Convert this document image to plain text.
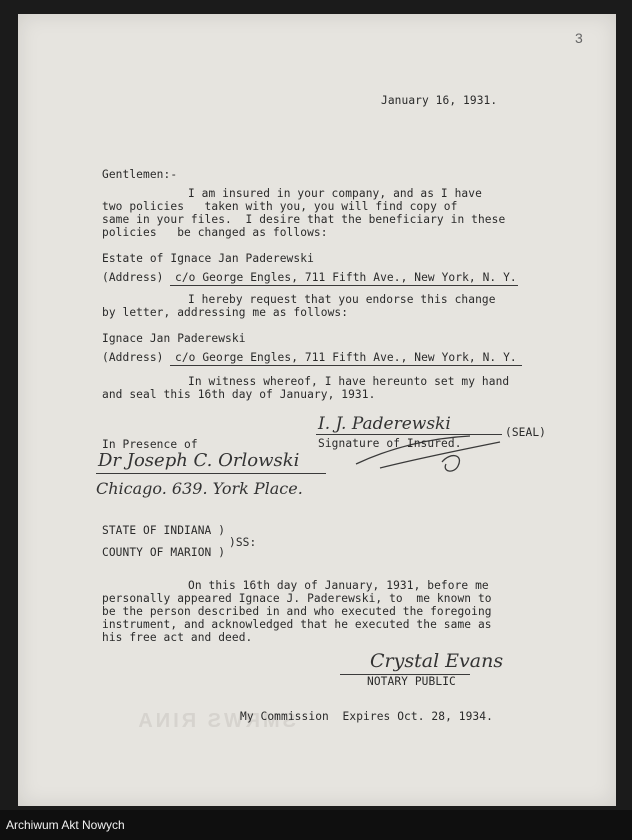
3
January 16, 1931.
Gentlemen:-
I am insured in your company, and as I have
two policies   taken with you, you will find copy of
same in your files.  I desire that the beneficiary in these
policies   be changed as follows:
Estate of Ignace Jan Paderewski
(Address) c/o George Engles, 711 Fifth Ave., New York, N. Y.
I hereby request that you endorse this change
by letter, addressing me as follows:
Ignace Jan Paderewski
(Address) c/o George Engles, 711 Fifth Ave., New York, N. Y.
In witness whereof, I have hereunto set my hand
and seal this 16th day of January, 1931.
I. J. Paderewski	(SEAL)
Signature of Insured.
In Presence of
Dr Joseph C. Orlowski
Chicago. 639. York Place.
STATE OF INDIANA )
)SS:
COUNTY OF MARION )
On this 16th day of January, 1931, before me
personally appeared Ignace J. Paderewski, to  me known to
be the person described in and who executed the foregoing
instrument, and acknowledged that he executed the same as
his free act and deed.
Crystal Evans
NOTARY PUBLIC
SMRWS RINA
My Commission  Expires Oct. 28, 1934.
Archiwum Akt Nowych
